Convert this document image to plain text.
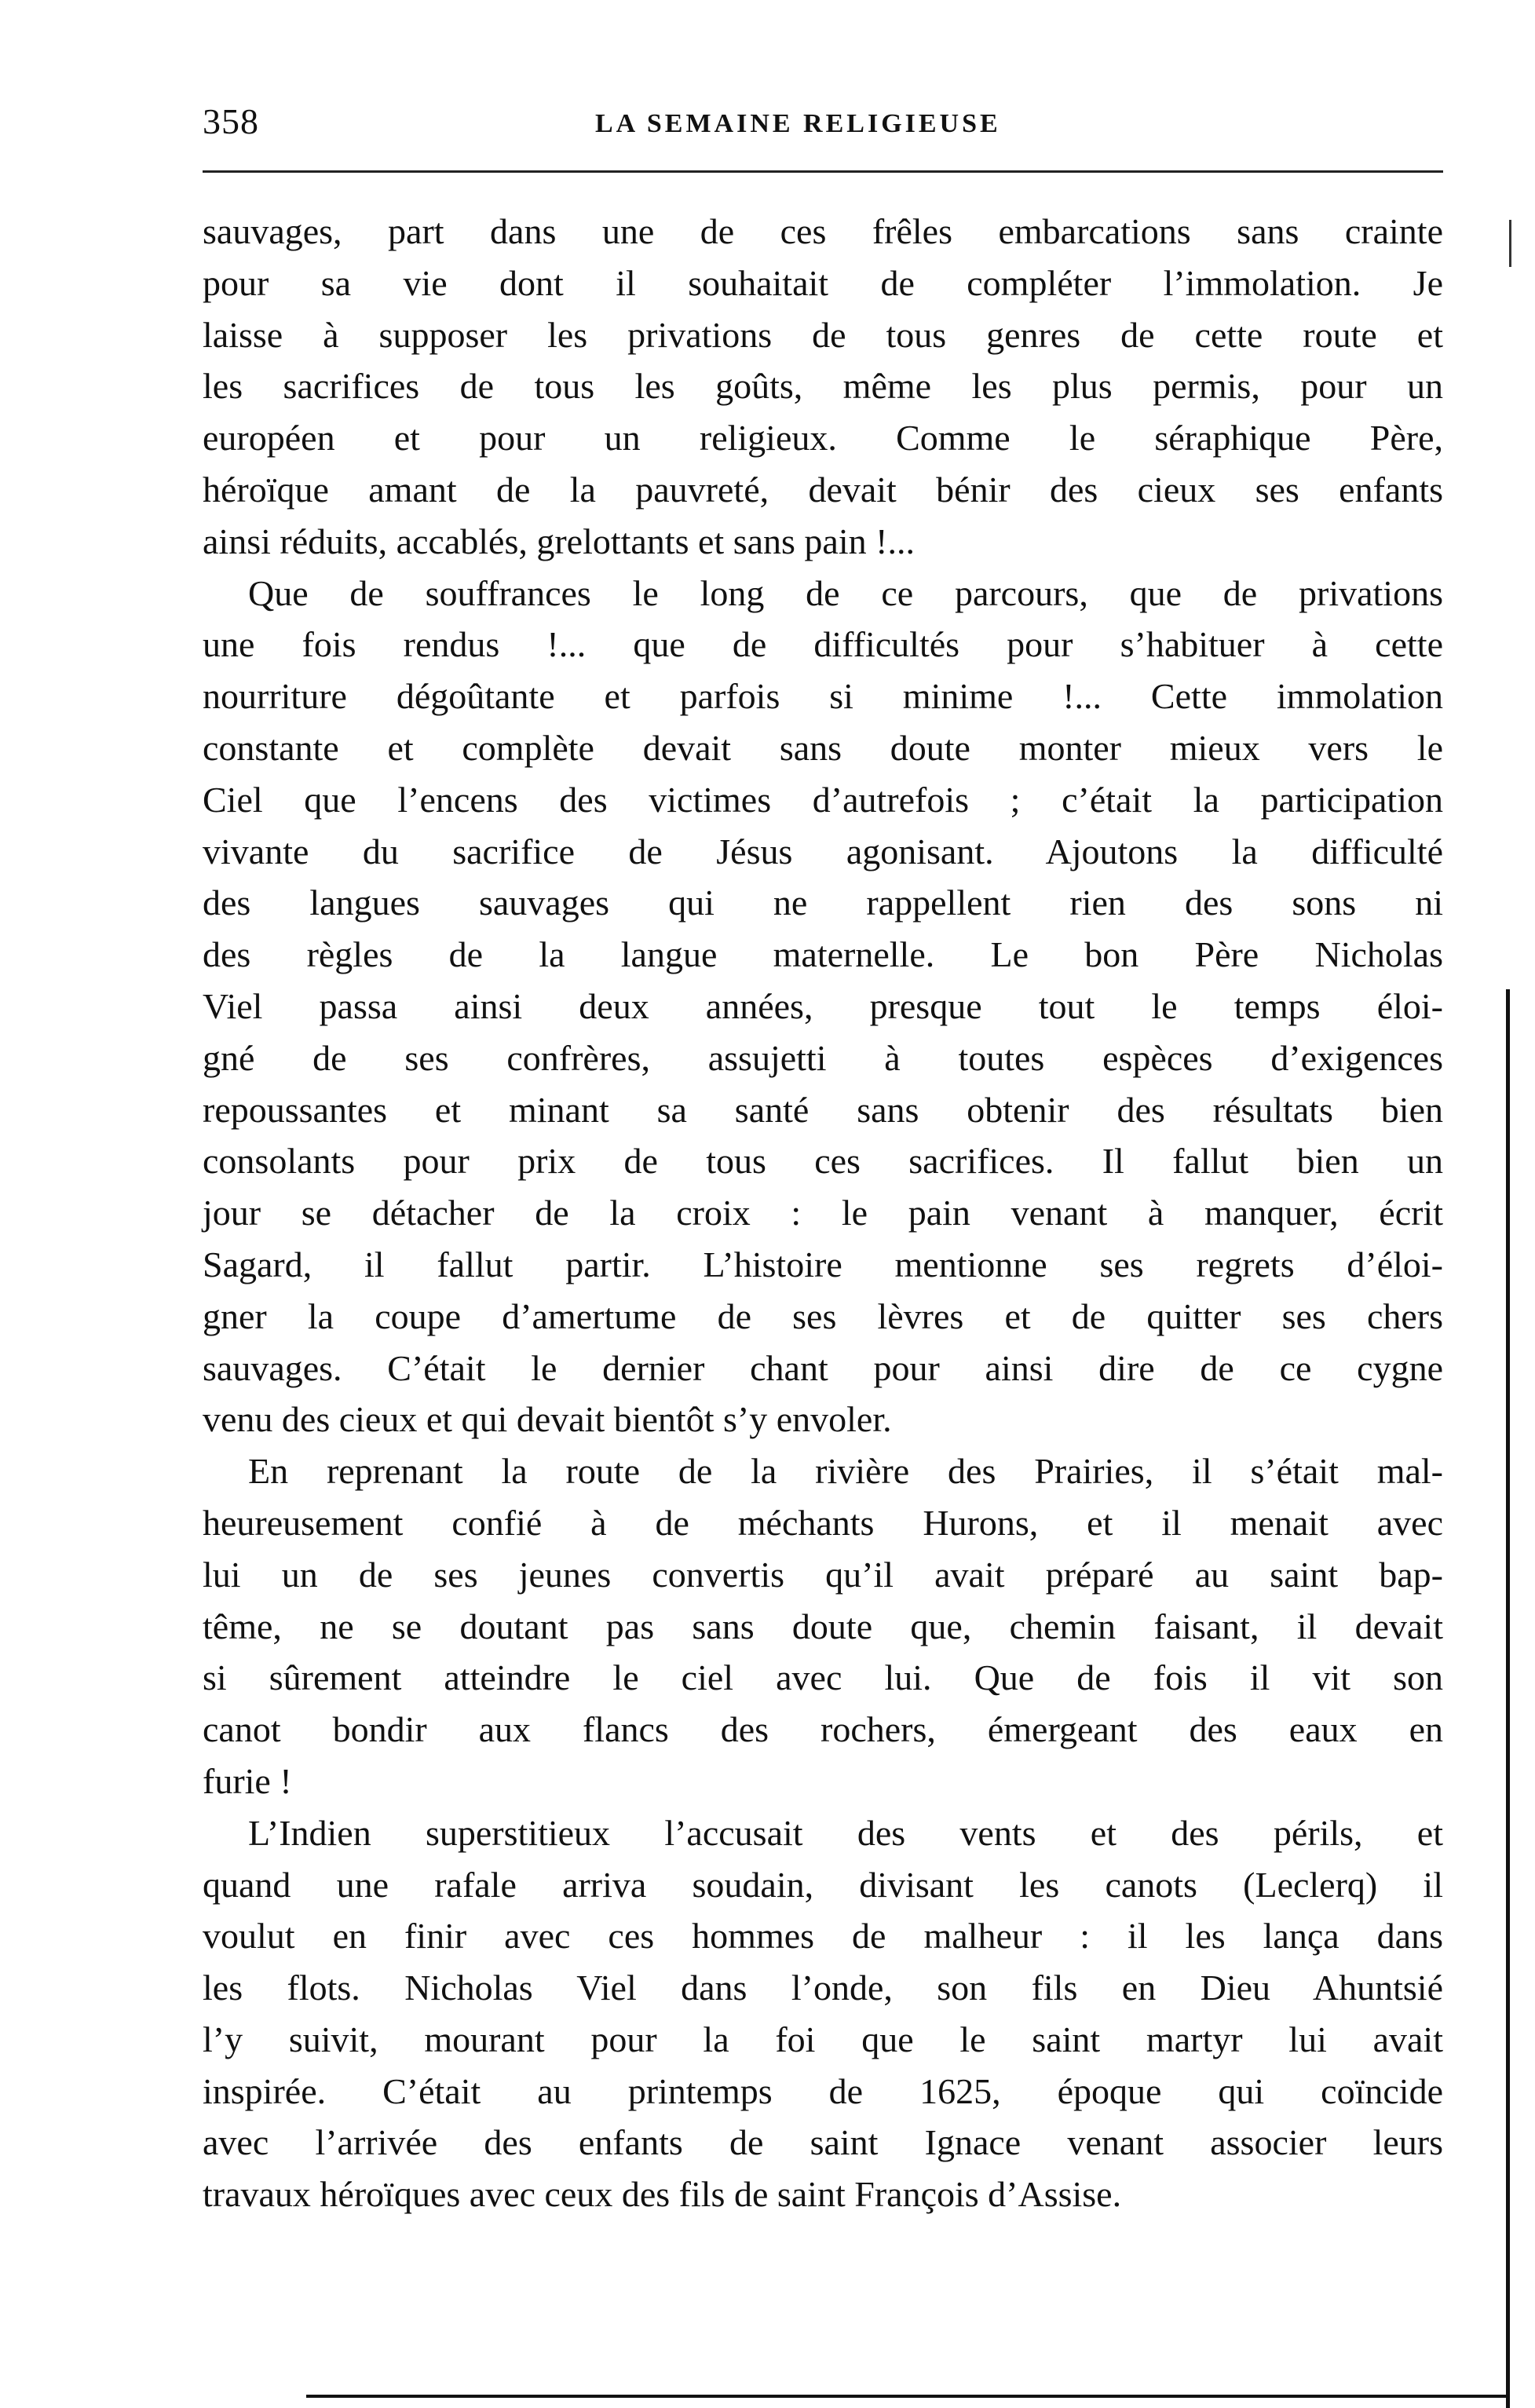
358	LA SEMAINE RELIGIEUSE
sauvages, part dans une de ces frêles embarcations sans crainte
pour sa vie dont il souhaitait de compléter l’immolation. Je
laisse à supposer les privations de tous genres de cette route et
les sacrifices de tous les goûts, même les plus permis, pour un
européen et pour un religieux. Comme le séraphique Père,
héroïque amant de la pauvreté, devait bénir des cieux ses enfants
ainsi réduits, accablés, grelottants et sans pain !...
Que de souffrances le long de ce parcours, que de privations
une fois rendus !... que de difficultés pour s’habituer à cette
nourriture dégoûtante et parfois si minime !... Cette immolation
constante et complète devait sans doute monter mieux vers le
Ciel que l’encens des victimes d’autrefois ; c’était la participation
vivante du sacrifice de Jésus agonisant. Ajoutons la difficulté
des langues sauvages qui ne rappellent rien des sons ni
des règles de la langue maternelle. Le bon Père Nicholas
Viel passa ainsi deux années, presque tout le temps éloi-
gné de ses confrères, assujetti à toutes espèces d’exigences
repoussantes et minant sa santé sans obtenir des résultats bien
consolants pour prix de tous ces sacrifices. Il fallut bien un
jour se détacher de la croix : le pain venant à manquer, écrit
Sagard, il fallut partir. L’histoire mentionne ses regrets d’éloi-
gner la coupe d’amertume de ses lèvres et de quitter ses chers
sauvages. C’était le dernier chant pour ainsi dire de ce cygne
venu des cieux et qui devait bientôt s’y envoler.
En reprenant la route de la rivière des Prairies, il s’était mal-
heureusement confié à de méchants Hurons, et il menait avec
lui un de ses jeunes convertis qu’il avait préparé au saint bap-
tême, ne se doutant pas sans doute que, chemin faisant, il devait
si sûrement atteindre le ciel avec lui. Que de fois il vit son
canot bondir aux flancs des rochers, émergeant des eaux en
furie !
L’Indien superstitieux l’accusait des vents et des périls, et
quand une rafale arriva soudain, divisant les canots (Leclerq) il
voulut en finir avec ces hommes de malheur : il les lança dans
les flots. Nicholas Viel dans l’onde, son fils en Dieu Ahuntsié
l’y suivit, mourant pour la foi que le saint martyr lui avait
inspirée. C’était au printemps de 1625, époque qui coïncide
avec l’arrivée des enfants de saint Ignace venant associer leurs
travaux héroïques avec ceux des fils de saint François d’Assise.
